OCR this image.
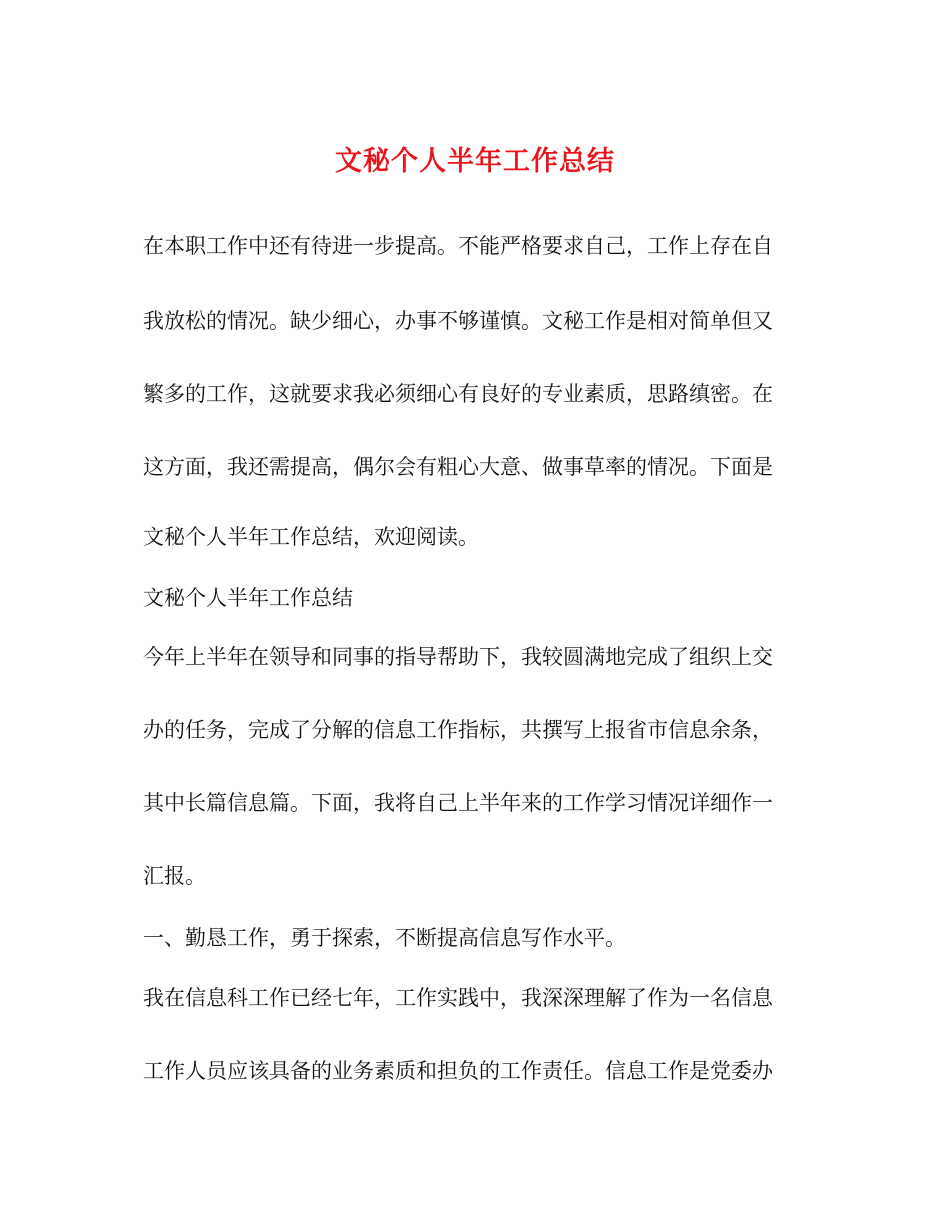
文秘个人半年工作总结
在本职工作中还有待进一步提高。不能严格要求自己，工作上存在自
我放松的情况。缺少细心，办事不够谨慎。文秘工作是相对简单但又
繁多的工作，这就要求我必须细心有良好的专业素质，思路缜密。在
这方面，我还需提高，偶尔会有粗心大意、做事草率的情况。下面是
文秘个人半年工作总结，欢迎阅读。
文秘个人半年工作总结
今年上半年在领导和同事的指导帮助下，我较圆满地完成了组织上交
办的任务，完成了分解的信息工作指标，共撰写上报省市信息余条，
其中长篇信息篇。下面，我将自己上半年来的工作学习情况详细作一
汇报。
一、勤恳工作，勇于探索，不断提高信息写作水平。
我在信息科工作已经七年，工作实践中，我深深理解了作为一名信息
工作人员应该具备的业务素质和担负的工作责任。信息工作是党委办
